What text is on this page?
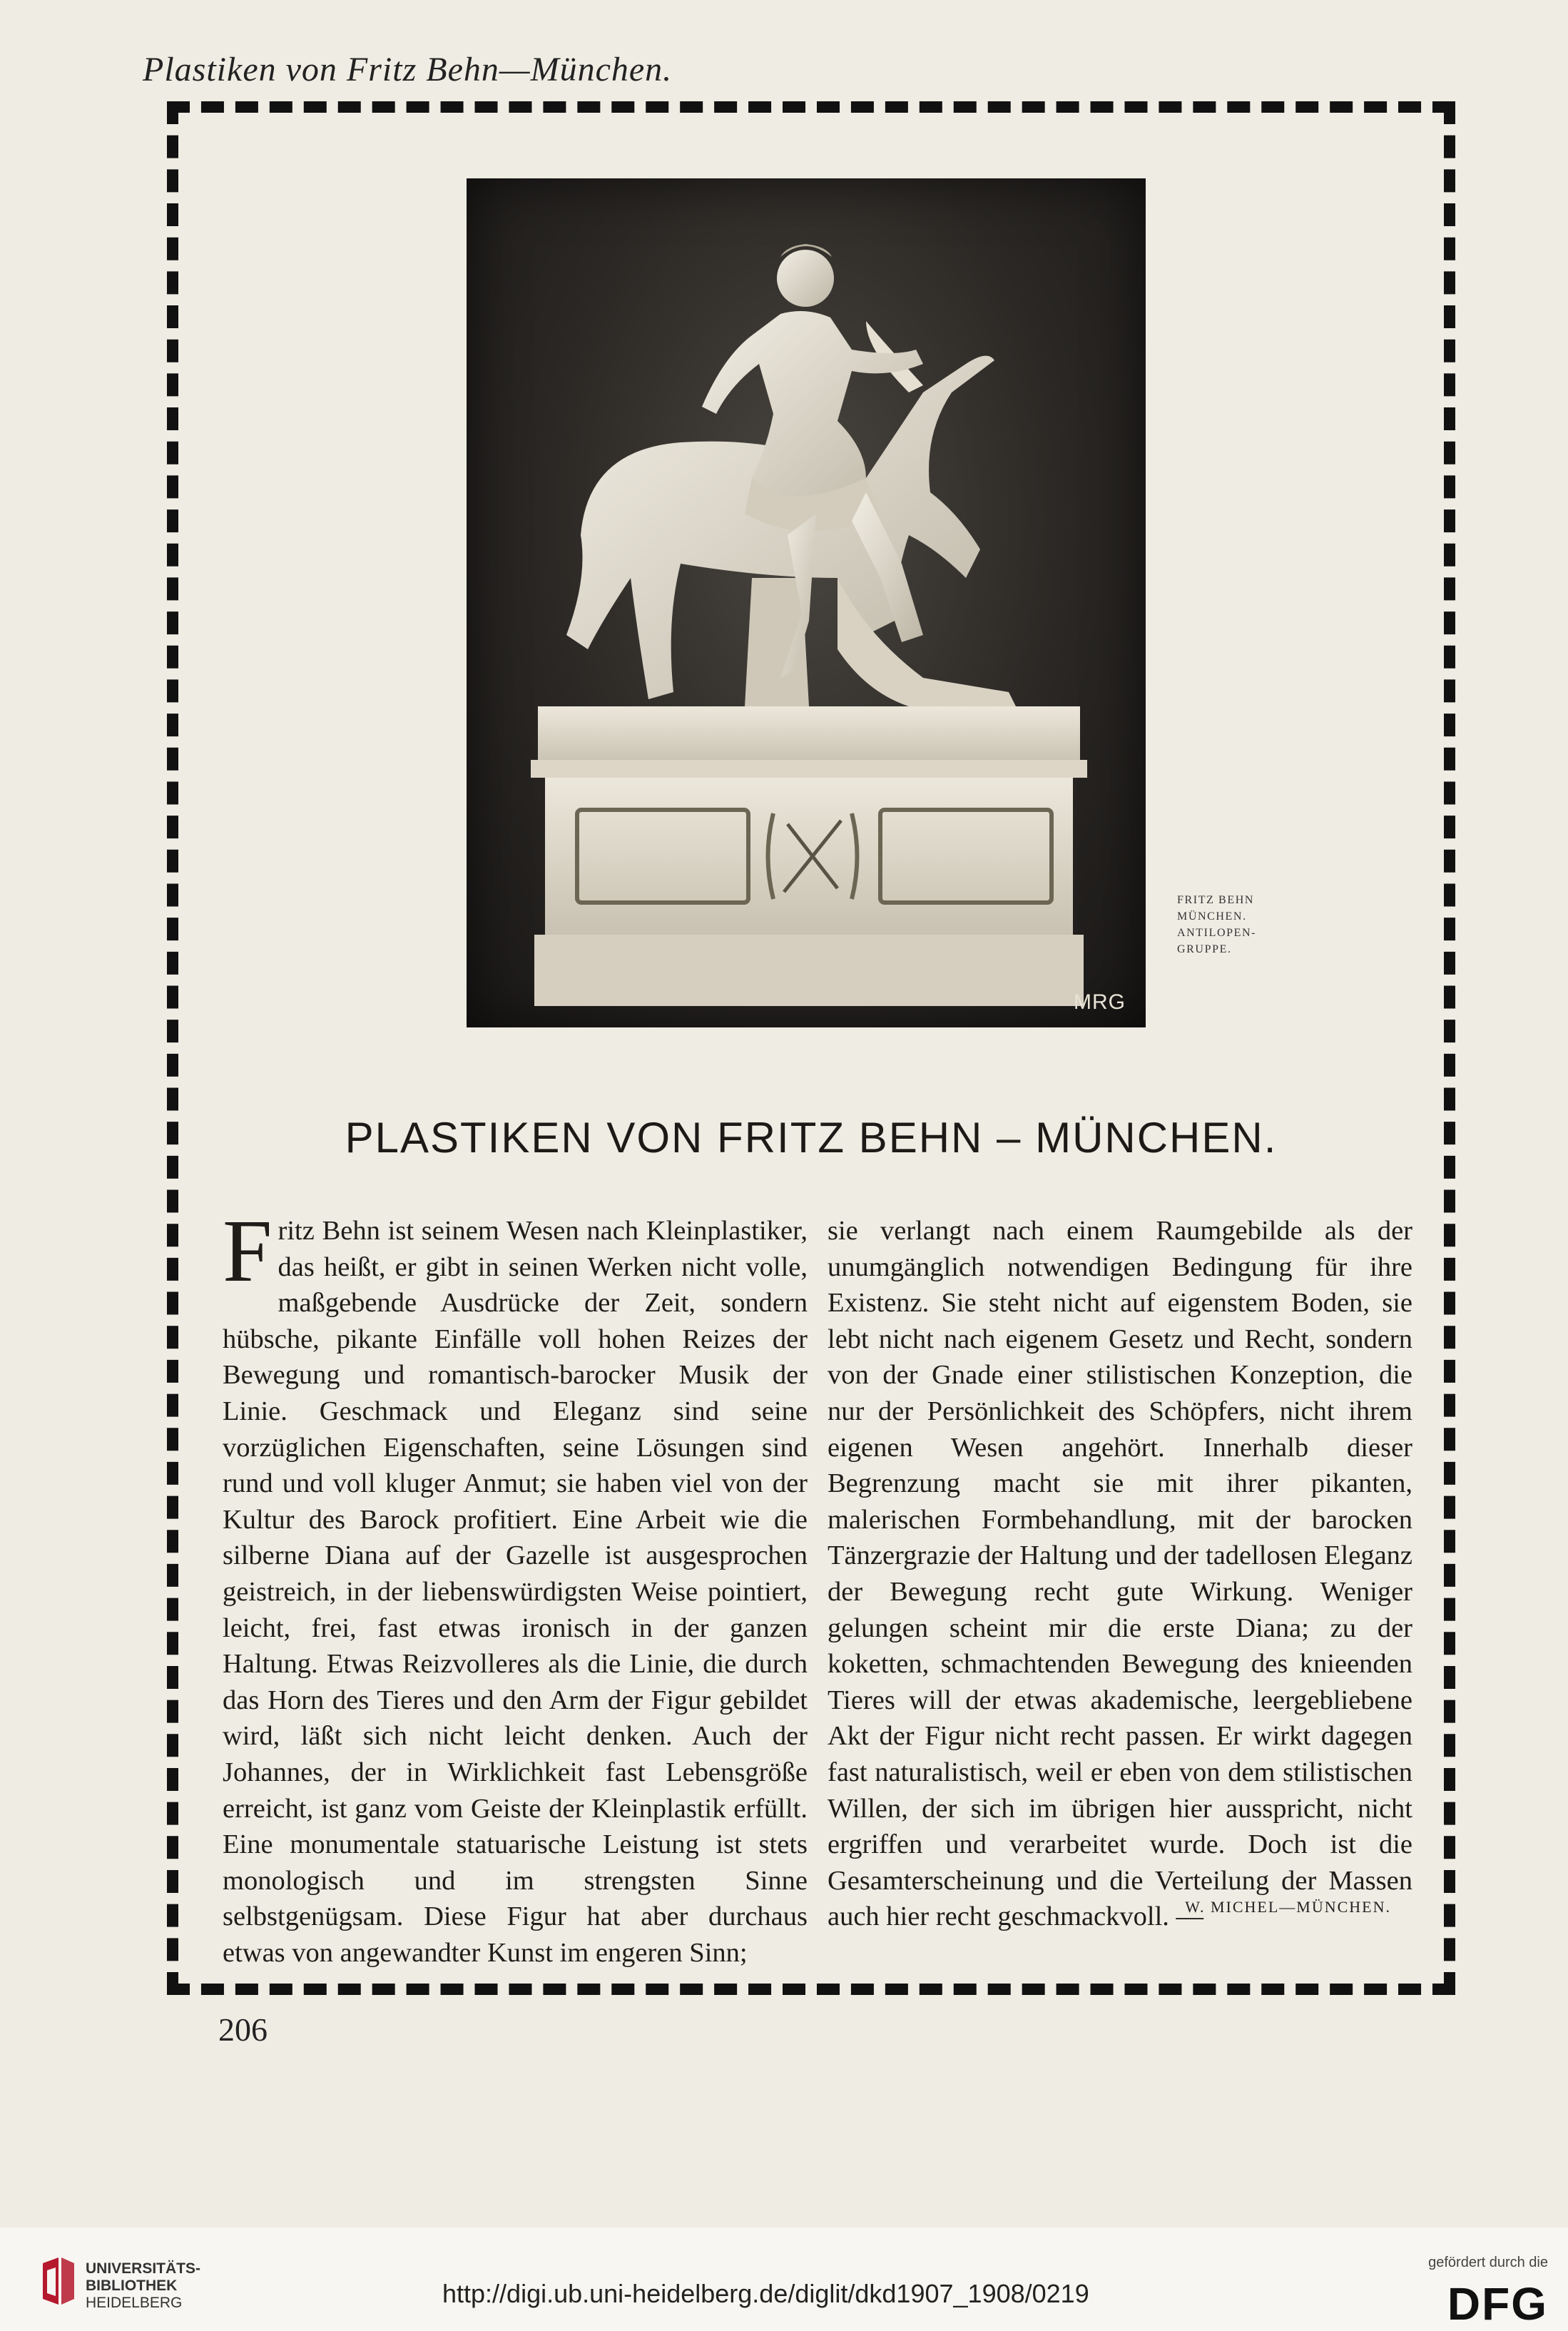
Plastiken von Fritz Behn—München.
MRG
FRITZ BEHN
MÜNCHEN.
ANTILOPEN-
GRUPPE.
PLASTIKEN VON FRITZ BEHN – MÜNCHEN.

Fritz Behn ist seinem Wesen nach Kleinplastiker, das heißt, er gibt in seinen Werken nicht volle, maßgebende Ausdrücke der Zeit, sondern hübsche, pikante Einfälle voll hohen Reizes der Bewegung und romantisch-barocker Musik der Linie. Geschmack und Eleganz sind seine vorzüglichen Eigenschaften, seine Lösungen sind rund und voll kluger Anmut; sie haben viel von der Kultur des Barock profitiert. Eine Arbeit wie die silberne Diana auf der Gazelle ist ausgesprochen geistreich, in der liebenswürdigsten Weise pointiert, leicht, frei, fast etwas ironisch in der ganzen Haltung. Etwas Reizvolleres als die Linie, die durch das Horn des Tieres und den Arm der Figur gebildet wird, läßt sich nicht leicht denken. Auch der Johannes, der in Wirklichkeit fast Lebensgröße erreicht, ist ganz vom Geiste der Kleinplastik erfüllt. Eine monumentale statuarische Leistung ist stets monologisch und im strengsten Sinne selbstgenügsam. Diese Figur hat aber durchaus etwas von angewandter Kunst im engeren Sinn;

sie verlangt nach einem Raumgebilde als der unumgänglich notwendigen Bedingung für ihre Existenz. Sie steht nicht auf eigenstem Boden, sie lebt nicht nach eigenem Gesetz und Recht, sondern von der Gnade einer stilistischen Konzeption, die nur der Persönlichkeit des Schöpfers, nicht ihrem eigenen Wesen angehört. Innerhalb dieser Begrenzung macht sie mit ihrer pikanten, malerischen Formbehandlung, mit der barocken Tänzergrazie der Haltung und der tadellosen Eleganz der Bewegung recht gute Wirkung. Weniger gelungen scheint mir die erste Diana; zu der koketten, schmachtenden Bewegung des knieenden Tieres will der etwas akademische, leergebliebene Akt der Figur nicht recht passen. Er wirkt dagegen fast naturalistisch, weil er eben von dem stilistischen Willen, der sich im übrigen hier ausspricht, nicht ergriffen und verarbeitet wurde. Doch ist die Gesamterscheinung und die Verteilung der Massen auch hier recht geschmackvoll. —

W. MICHEL—MÜNCHEN.
206
UNIVERSITÄTS-
BIBLIOTHEK
HEIDELBERG	http://digi.ub.uni-heidelberg.de/diglit/dkd1907_1908/0219
gefördert durch die
DFG
